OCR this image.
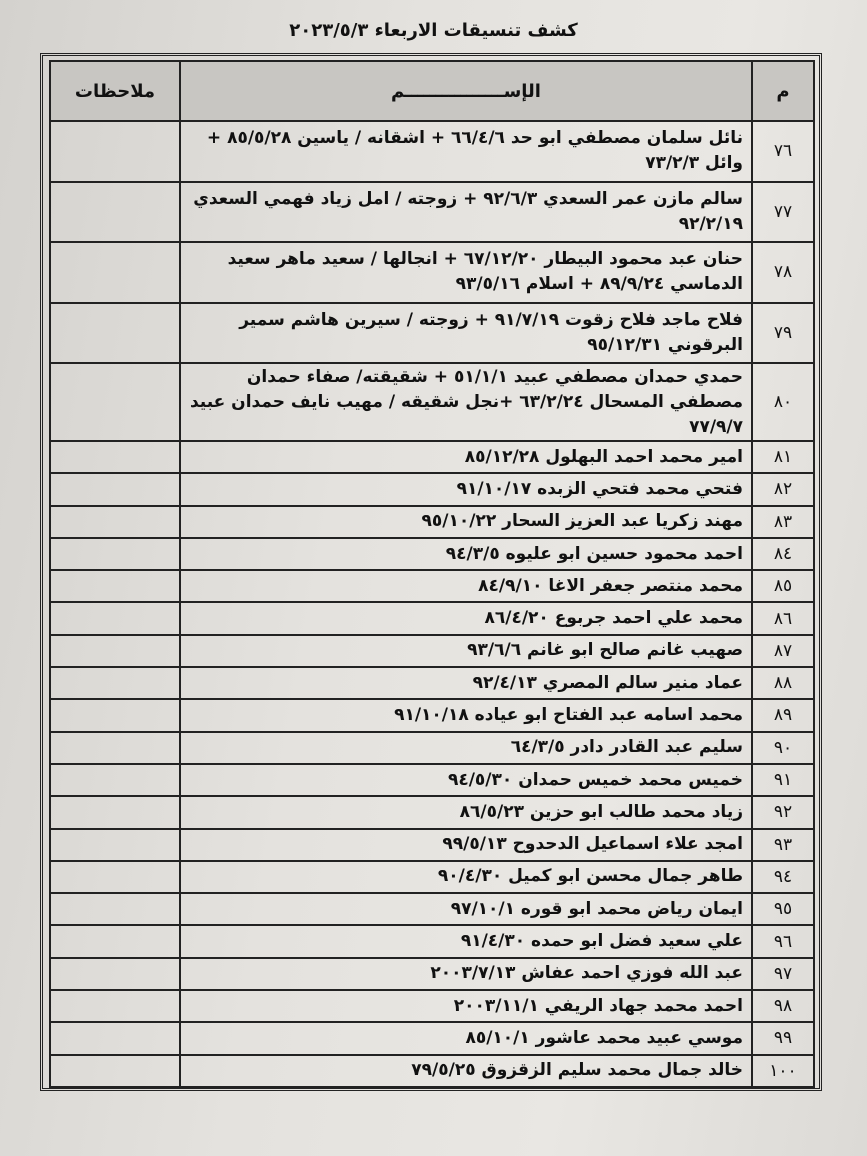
كشف تنسيقات الاربعاء ٢٠٢٣/٥/٣
م	الإســــــــــــــــم	ملاحظات
٧٦	نائل سلمان مصطفي ابو حد ٦٦/٤/٦ + اشقانه / ياسين ٨٥/٥/٢٨ + وائل ٧٣/٢/٣	
٧٧	سالم مازن عمر السعدي ٩٢/٦/٣ + زوجته / امل زياد فهمي السعدي ٩٢/٢/١٩	
٧٨	حنان عبد محمود البيطار ٦٧/١٢/٢٠ + انجالها / سعيد ماهر سعيد الدماسي ٨٩/٩/٢٤ + اسلام ٩٣/٥/١٦	
٧٩	فلاح ماجد فلاح زقوت ٩١/٧/١٩ + زوجته / سيرين هاشم سمير البرقوني ٩٥/١٢/٣١	
٨٠	حمدي حمدان مصطفي عبيد ٥١/١/١ + شقيقته/ صفاء حمدان مصطفي المسحال ٦٣/٢/٢٤ +نجل شقيقه / مهيب نايف حمدان عبيد ٧٧/٩/٧	
٨١	امير محمد احمد البهلول ٨٥/١٢/٢٨	
٨٢	فتحي محمد فتحي الزبده ٩١/١٠/١٧	
٨٣	مهند زكريا عبد العزيز السحار ٩٥/١٠/٢٢	
٨٤	احمد محمود حسين ابو عليوه ٩٤/٣/٥	
٨٥	محمد منتصر جعفر الاغا ٨٤/٩/١٠	
٨٦	محمد علي احمد جربوع ٨٦/٤/٢٠	
٨٧	صهيب غانم صالح ابو غانم ٩٣/٦/٦	
٨٨	عماد منير سالم المصري ٩٢/٤/١٣	
٨٩	محمد اسامه عبد الفتاح ابو عياده ٩١/١٠/١٨	
٩٠	سليم عبد القادر دادر ٦٤/٣/٥	
٩١	خميس محمد خميس حمدان ٩٤/٥/٣٠	
٩٢	زياد محمد طالب ابو حزين ٨٦/٥/٢٣	
٩٣	امجد علاء اسماعيل الدحدوح ٩٩/٥/١٣	
٩٤	طاهر جمال محسن ابو كميل ٩٠/٤/٣٠	
٩٥	ايمان رياض محمد ابو قوره ٩٧/١٠/١	
٩٦	علي سعيد فضل ابو حمده ٩١/٤/٣٠	
٩٧	عبد الله فوزي احمد عفاش ٢٠٠٣/٧/١٣	
٩٨	احمد محمد جهاد الريفي ٢٠٠٣/١١/١	
٩٩	موسي عبيد محمد عاشور ٨٥/١٠/١	
١٠٠	خالد جمال محمد سليم الزقزوق ٧٩/٥/٢٥	
